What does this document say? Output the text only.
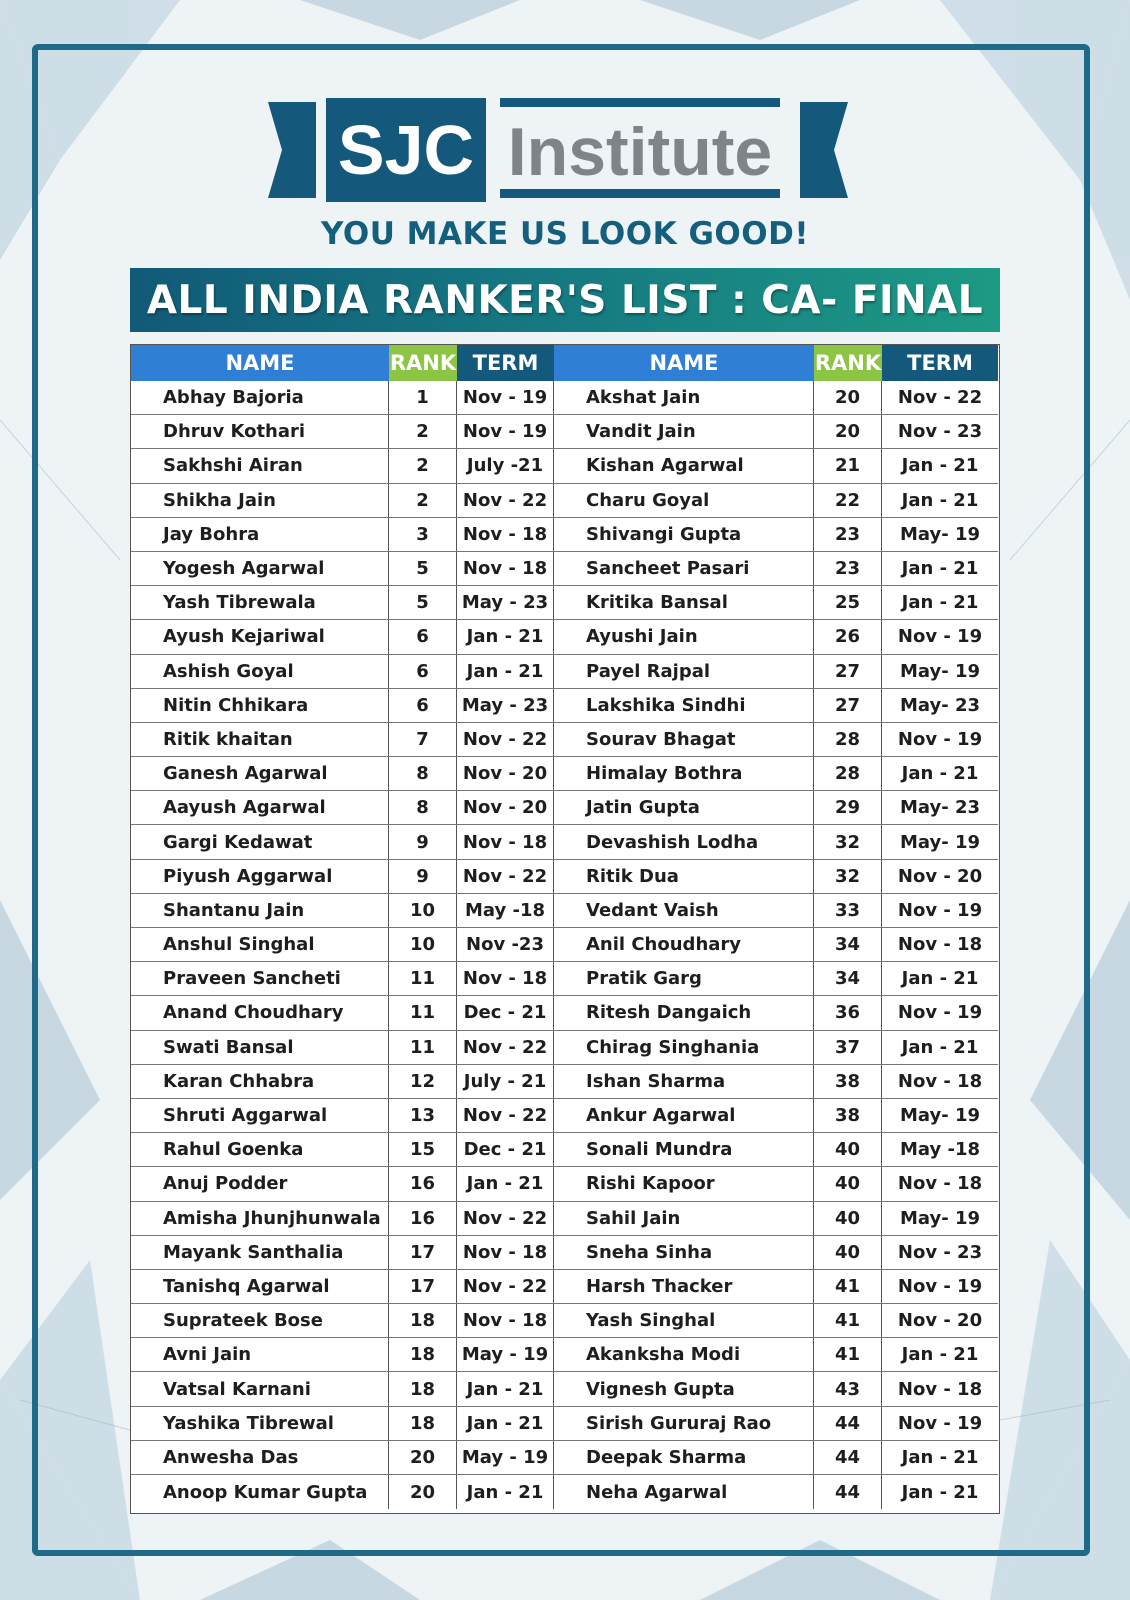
SJC Institute
YOU MAKE US LOOK GOOD!
ALL INDIA RANKER'S LIST : CA- FINAL
NAME	RANK TERM	NAME	RANK	TERM
Abhay Bajoria	1	Nov - 19	Akshat Jain	20	Nov - 22
Dhruv Kothari	2	Nov - 19	Vandit Jain	20	Nov - 23
Sakhshi Airan	2	July -21	Kishan Agarwal	21	Jan - 21
Shikha Jain	2	Nov - 22	Charu Goyal	22	Jan - 21
Jay Bohra	3	Nov - 18	Shivangi Gupta	23	May- 19
Yogesh Agarwal	5	Nov - 18	Sancheet Pasari	23	Jan - 21
Yash Tibrewala	5	May - 23	Kritika Bansal	25	Jan - 21
Ayush Kejariwal	6	Jan - 21	Ayushi Jain	26	Nov - 19
Ashish Goyal	6	Jan - 21	Payel Rajpal	27	May- 19
Nitin Chhikara	6	May - 23	Lakshika Sindhi	27	May- 23
Ritik khaitan	7	Nov - 22	Sourav Bhagat	28	Nov - 19
Ganesh Agarwal	8	Nov - 20	Himalay Bothra	28	Jan - 21
Aayush Agarwal	8	Nov - 20	Jatin Gupta	29	May- 23
Gargi Kedawat	9	Nov - 18	Devashish Lodha	32	May- 19
Piyush Aggarwal	9	Nov - 22	Ritik Dua	32	Nov - 20
Shantanu Jain	10	May -18	Vedant Vaish	33	Nov - 19
Anshul Singhal	10	Nov -23	Anil Choudhary	34	Nov - 18
Praveen Sancheti	11	Nov - 18	Pratik Garg	34	Jan - 21
Anand Choudhary	11	Dec - 21	Ritesh Dangaich	36	Nov - 19
Swati Bansal	11	Nov - 22	Chirag Singhania	37	Jan - 21
Karan Chhabra	12	July - 21	Ishan Sharma	38	Nov - 18
Shruti Aggarwal	13	Nov - 22	Ankur Agarwal	38	May- 19
Rahul Goenka	15	Dec - 21	Sonali Mundra	40	May -18
Anuj Podder	16	Jan - 21	Rishi Kapoor	40	Nov - 18
Amisha Jhunjhunwala	16	Nov - 22	Sahil Jain	40	May- 19
Mayank Santhalia	17	Nov - 18	Sneha Sinha	40	Nov - 23
Tanishq Agarwal	17	Nov - 22	Harsh Thacker	41	Nov - 19
Suprateek Bose	18	Nov - 18	Yash Singhal	41	Nov - 20
Avni Jain	18	May - 19	Akanksha Modi	41	Jan - 21
Vatsal Karnani	18	Jan - 21	Vignesh Gupta	43	Nov - 18
Yashika Tibrewal	18	Jan - 21	Sirish Gururaj Rao	44	Nov - 19
Anwesha Das	20	May - 19	Deepak Sharma	44	Jan - 21
Anoop Kumar Gupta	20	Jan - 21	Neha Agarwal	44	Jan - 21
